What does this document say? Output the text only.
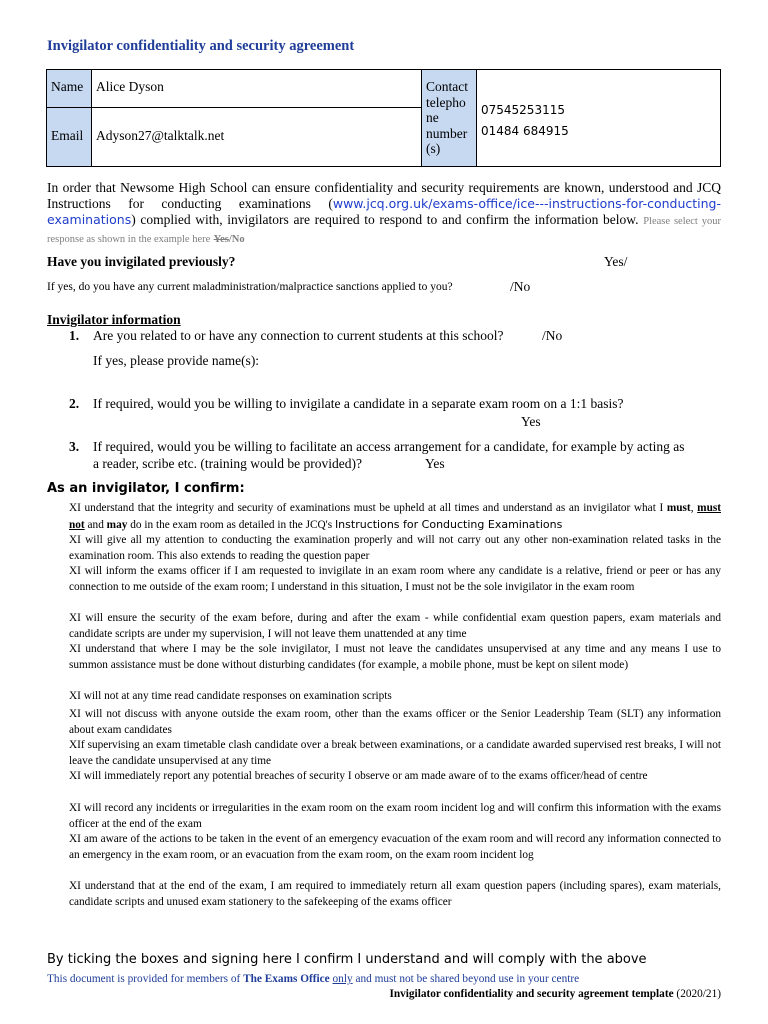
Invigilator confidentiality and security agreement
Name Alice Dyson
Email Adyson27@talktalk.net
Contact telepho ne number (s)
07545253115
01484 684915
In order that Newsome High School can ensure confidentiality and security requirements are known, understood and JCQ Instructions for conducting examinations (www.jcq.org.uk/exams-office/ice---instructions-for-conducting-examinations) complied with, invigilators are required to respond to and confirm the information below. Please select your response as shown in the example here Yes/No
Have you invigilated previously?	Yes/
If yes, do you have any current maladministration/malpractice sanctions applied to you?	/No
Invigilator information
1. Are you related to or have any connection to current students at this school?	/No
If yes, please provide name(s):
2. If required, would you be willing to invigilate a candidate in a separate exam room on a 1:1 basis?
Yes
3. If required, would you be willing to facilitate an access arrangement for a candidate, for example by acting as
a reader, scribe etc. (training would be provided)?	Yes
As an invigilator, I confirm:
XI understand that the integrity and security of examinations must be upheld at all times and understand as an invigilator what I must, must not and may do in the exam room as detailed in the JCQ's Instructions for Conducting Examinations
XI will give all my attention to conducting the examination properly and will not carry out any other non-examination related tasks in the examination room. This also extends to reading the question paper
XI will inform the exams officer if I am requested to invigilate in an exam room where any candidate is a relative, friend or peer or has any connection to me outside of the exam room; I understand in this situation, I must not be the sole invigilator in the exam room
XI will ensure the security of the exam before, during and after the exam - while confidential exam question papers, exam materials and candidate scripts are under my supervision, I will not leave them unattended at any time
XI understand that where I may be the sole invigilator, I must not leave the candidates unsupervised at any time and any means I use to summon assistance must be done without disturbing candidates (for example, a mobile phone, must be kept on silent mode)
XI will not at any time read candidate responses on examination scripts
XI will not discuss with anyone outside the exam room, other than the exams officer or the Senior Leadership Team (SLT) any information about exam candidates
XIf supervising an exam timetable clash candidate over a break between examinations, or a candidate awarded supervised rest breaks, I will not leave the candidate unsupervised at any time
XI will immediately report any potential breaches of security I observe or am made aware of to the exams officer/head of centre
XI will record any incidents or irregularities in the exam room on the exam room incident log and will confirm this information with the exams officer at the end of the exam
XI am aware of the actions to be taken in the event of an emergency evacuation of the exam room and will record any information connected to an emergency in the exam room, or an evacuation from the exam room, on the exam room incident log
XI understand that at the end of the exam, I am required to immediately return all exam question papers (including spares), exam materials, candidate scripts and unused exam stationery to the safekeeping of the exams officer
By ticking the boxes and signing here I confirm I understand and will comply with the above
This document is provided for members of The Exams Office only and must not be shared beyond use in your centre
Invigilator confidentiality and security agreement template (2020/21)
